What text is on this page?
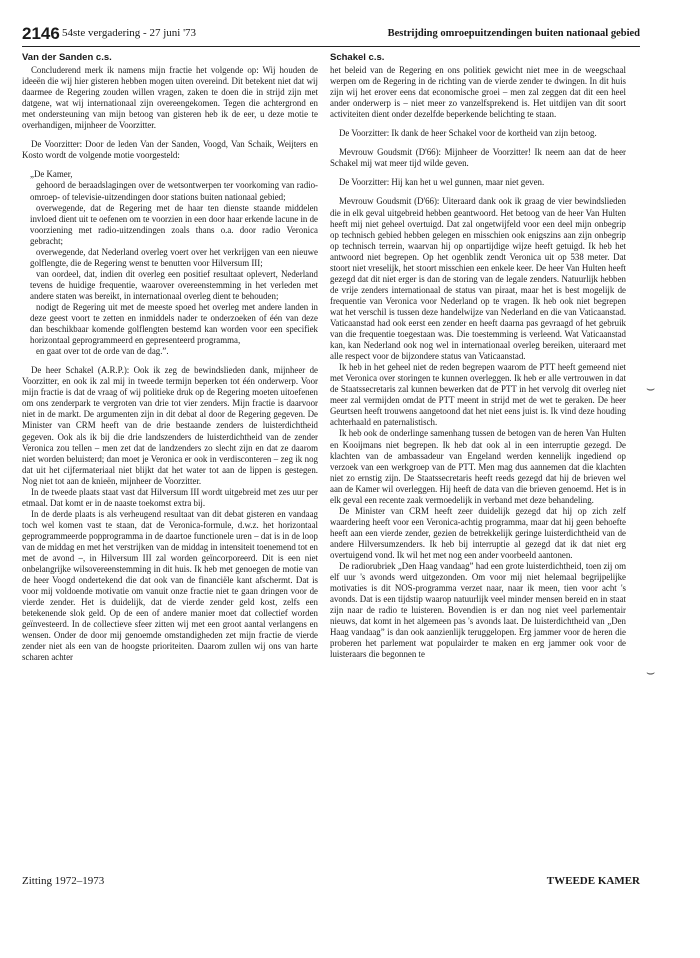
2146 54ste vergadering - 27 juni '73	Bestrijding omroepuitzendingen buiten nationaal gebied
Van der Sanden c.s.

Concluderend merk ik namens mijn fractie het volgende op: Wij houden de ideeën die wij hier gisteren hebben mogen uiten overeind. Dit betekent niet dat wij daarmee de Regering zouden willen vragen, zaken te doen die in strijd zijn met datgene, wat wij internationaal zijn overeengekomen. Tegen die achtergrond en met ondersteuning van mijn betoog van gisteren heb ik de eer, u deze motie te overhandigen, mijnheer de Voorzitter.

De Voorzitter: Door de leden Van der Sanden, Voogd, Van Schaik, Weijters en Kosto wordt de volgende motie voorgesteld:

„De Kamer,

gehoord de beraadslagingen over de wetsontwerpen ter voorkoming van radio-omroep- of televisie-uitzendingen door stations buiten nationaal gebied;

overwegende, dat de Regering met de haar ten dienste staande middelen invloed dient uit te oefenen om te voorzien in een door haar erkende lacune in de voorziening met radio-uitzendingen zoals thans o.a. door radio Veronica gebracht;

overwegende, dat Nederland overleg voert over het verkrijgen van een nieuwe golflengte, die de Regering wenst te benutten voor Hilversum III;

van oordeel, dat, indien dit overleg een positief resultaat oplevert, Nederland tevens de huidige frequentie, waarover overeenstemming in het verleden met andere staten was bereikt, in internationaal overleg dient te behouden;

nodigt de Regering uit met de meeste spoed het overleg met andere landen in deze geest voort te zetten en inmiddels nader te onderzoeken of één van deze dan beschikbaar komende golflengten bestemd kan worden voor een specifiek horizontaal geprogrammeerd en gepresenteerd programma,

en gaat over tot de orde van de dag.”.

De heer Schakel (A.R.P.): Ook ik zeg de bewindslieden dank, mijnheer de Voorzitter, en ook ik zal mij in tweede termijn beperken tot één onderwerp. Voor mijn fractie is dat de vraag of wij politieke druk op de Regering moeten uitoefenen om ons zenderpark te vergroten van drie tot vier zenders. Mijn fractie is daarvoor niet in de markt. De argumenten zijn in dit debat al door de Regering gegeven. De Minister van CRM heeft van de drie bestaande zenders de luisterdichtheid gegeven. Ook als ik bij die drie landszenders de luisterdichtheid van de zender Veronica zou tellen – men zet dat de landzenders zo slecht zijn en dat ze daarom niet worden beluisterd; dan moet je Veronica er ook in verdisconteren – zeg ik nog dat uit het cijfermateriaal niet blijkt dat het water tot aan de lippen is gestegen. Nog niet tot aan de knieën, mijnheer de Voorzitter.

In de tweede plaats staat vast dat Hilversum III wordt uitgebreid met zes uur per etmaal. Dat komt er in de naaste toekomst extra bij.

In de derde plaats is als verheugend resultaat van dit debat gisteren en vandaag toch wel komen vast te staan, dat de Veronica-formule, d.w.z. het horizontaal geprogrammeerde popprogramma in de daartoe functionele uren – dat is in de loop van de middag en met het verstrijken van de middag in intensiteit toenemend tot en met de avond –, in Hilversum III zal worden geïncorporeerd. Dit is een niet onbelangrijke wilsovereenstemming in dit huis. Ik heb met genoegen de motie van de heer Voogd ondertekend die dat ook van de financiële kant afschermt. Dat is voor mij voldoende motivatie om vanuit onze fractie niet te gaan dringen voor de vierde zender. Het is duidelijk, dat de vierde zender geld kost, zelfs een betekenende slok geld. Op de een of andere manier moet dat collectief worden geïnvesteerd. In de collectieve sfeer zitten wij met een groot aantal verlangens en wensen. Onder de door mij genoemde omstandigheden zet mijn fractie de vierde zender niet als een van de hoogste prioriteiten. Daarom zullen wij ons van harte scharen achter

Schakel c.s.

het beleid van de Regering en ons politiek gewicht niet mee in de weegschaal werpen om de Regering in de richting van de vierde zender te dwingen. In dit huis zijn wij het erover eens dat economische groei – men zal zeggen dat dit een heel ander onderwerp is – niet meer zo vanzelfsprekend is. Het uitdijen van dit soort activiteiten dient onder dezelfde beperkende belichting te staan.

De Voorzitter: Ik dank de heer Schakel voor de kortheid van zijn betoog.

Mevrouw Goudsmit (D'66): Mijnheer de Voorzitter! Ik neem aan dat de heer Schakel mij wat meer tijd wilde geven.

De Voorzitter: Hij kan het u wel gunnen, maar niet geven.

Mevrouw Goudsmit (D'66): Uiteraard dank ook ik graag de vier bewindslieden die in elk geval uitgebreid hebben geantwoord. Het betoog van de heer Van Hulten heeft mij niet geheel overtuigd. Dat zal ongetwijfeld voor een deel mijn onbegrip op technisch gebied hebben gelegen en misschien ook enigszins aan zijn onbegrip op technisch terrein, waarvan hij op onpartijdige wijze heeft getuigd. Ik heb het antwoord niet begrepen. Op het ogenblik zendt Veronica uit op 538 meter. Dat stoort niet vreselijk, het stoort misschien een enkele keer. De heer Van Hulten heeft gezegd dat dit niet erger is dan de storing van de legale zenders. Natuurlijk hebben de vrije zenders internationaal de status van piraat, maar het is best mogelijk de frequentie van Veronica voor Nederland op te vragen. Ik heb ook niet begrepen wat het verschil is tussen deze handelwijze van Nederland en die van Vaticaanstad. Vaticaanstad had ook eerst een zender en heeft daarna pas gevraagd of het gebruik van die frequentie toegestaan was. Die toestemming is verleend. Wat Vaticaanstad kan, kan Nederland ook nog wel in internationaal overleg bereiken, uiteraard met alle respect voor de bijzondere status van Vaticaanstad.

Ik heb in het geheel niet de reden begrepen waarom de PTT heeft gemeend niet met Veronica over storingen te kunnen overleggen. Ik heb er alle vertrouwen in dat de Staatssecretaris zal kunnen bewerken dat de PTT in het vervolg dit overleg niet meer zal vermijden omdat de PTT meent in strijd met de wet te geraken. De heer Geurtsen heeft trouwens aangetoond dat het niet eens juist is. Ik vind deze houding achterhaald en paternalistisch.

Ik heb ook de onderlinge samenhang tussen de betogen van de heren Van Hulten en Kooijmans niet begrepen. Ik heb dat ook al in een interruptie gezegd. De klachten van de ambassadeur van Engeland werden kennelijk ingediend op verzoek van een werkgroep van de PTT. Men mag dus aannemen dat die klachten niet zo ernstig zijn. De Staatssecretaris heeft reeds gezegd dat hij de brieven wel aan de Kamer wil overleggen. Hij heeft de data van die brieven genoemd. Het is in elk geval een recente zaak vermoedelijk in verband met deze behandeling.

De Minister van CRM heeft zeer duidelijk gezegd dat hij op zich zelf waardering heeft voor een Veronica-achtig programma, maar dat hij geen behoefte heeft aan een vierde zender, gezien de betrekkelijk geringe luisterdichtheid van de andere Hilversumzenders. Ik heb bij interruptie al gezegd dat ik dat niet erg overtuigend vond. Ik wil het met nog een ander voorbeeld aantonen.

De radiorubriek „Den Haag vandaag” had een grote luisterdichtheid, toen zij om elf uur 's avonds werd uitgezonden. Om voor mij niet helemaal begrijpelijke motivaties is dit NOS-programma verzet naar, naar ik meen, tien voor acht 's avonds. Dat is een tijdstip waarop natuurlijk veel minder mensen bereid en in staat zijn naar de radio te luisteren. Bovendien is er dan nog niet veel parlementair nieuws, dat komt in het algemeen pas 's avonds laat. De luisterdichtheid van „Den Haag vandaag” is dan ook aanzienlijk teruggelopen. Erg jammer voor de heren die proberen het parlement wat populairder te maken en erg jammer ook voor de luisteraars die begonnen te

⌣
⌣
Zitting 1972–1973	TWEEDE KAMER
